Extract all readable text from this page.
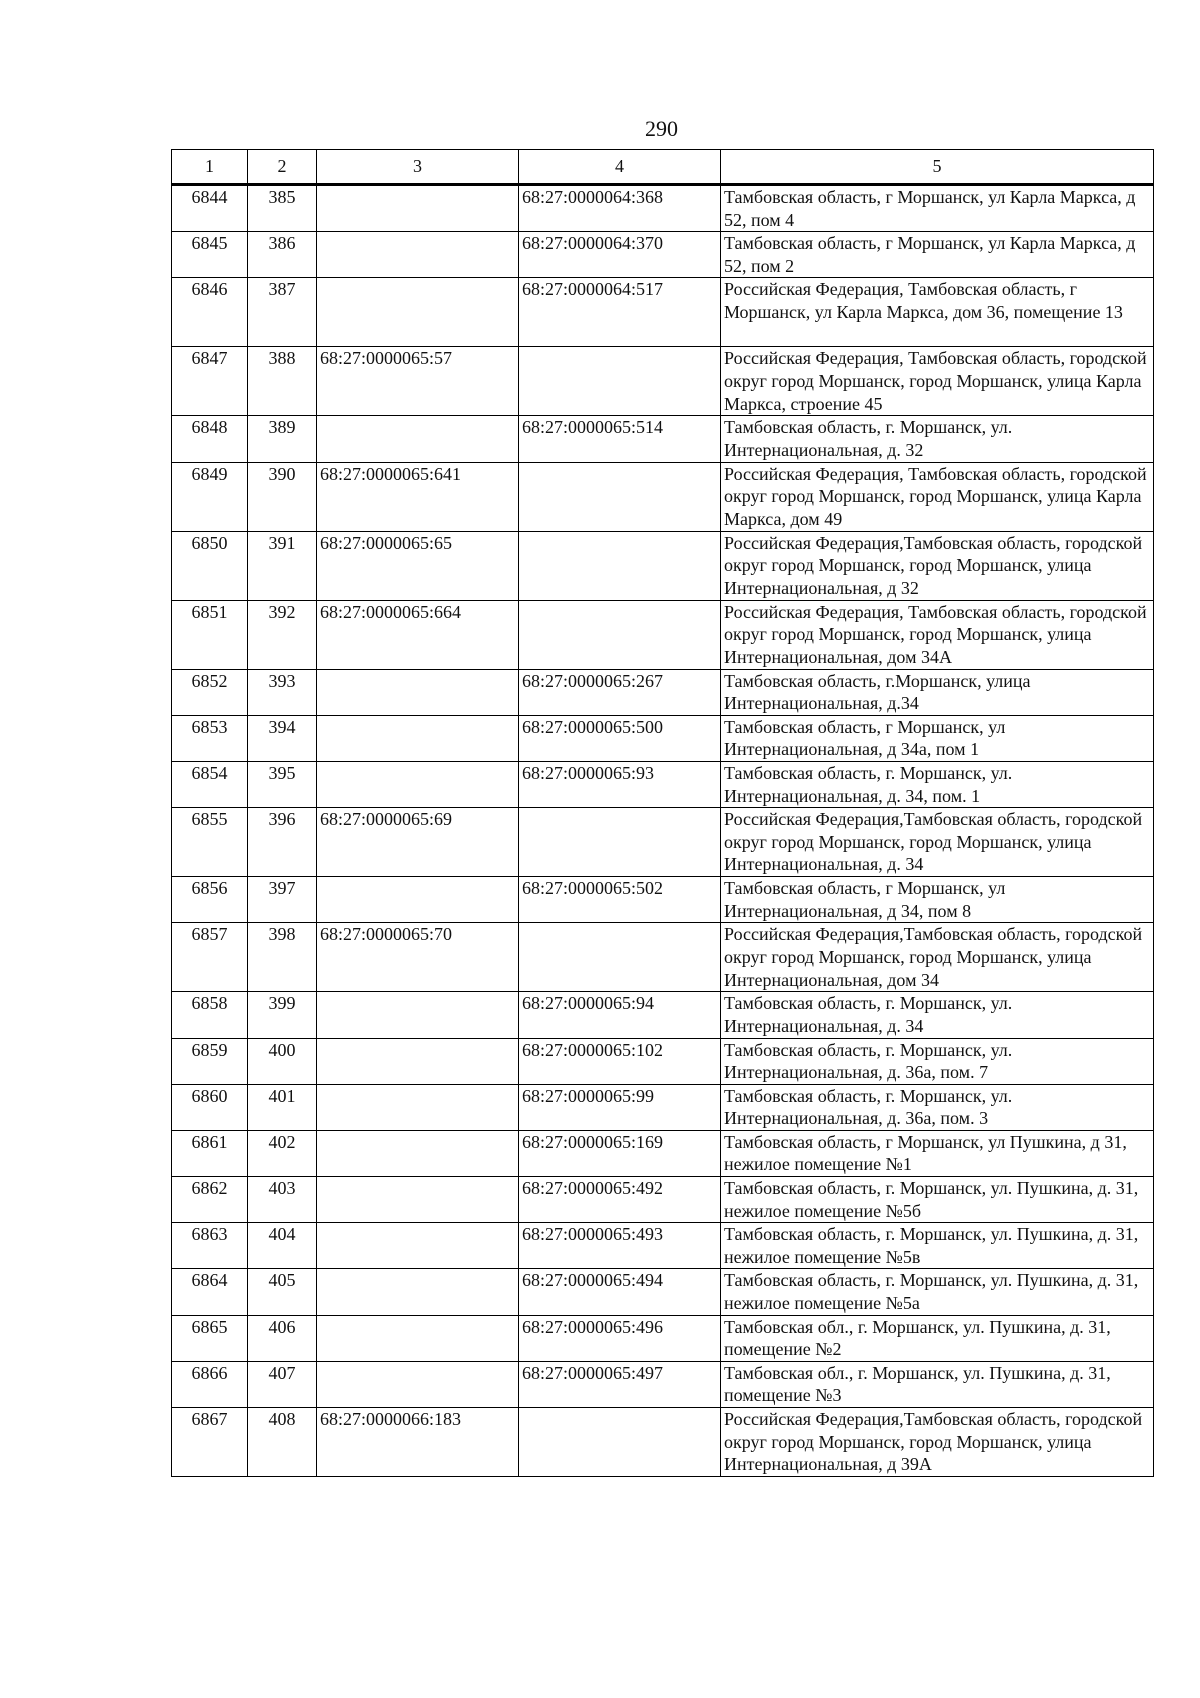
290
1	2	3	4	5
6844	385		68:27:0000064:368	Тамбовская область, г Моршанск, ул Карла Маркса, д 52, пом 4
6845	386		68:27:0000064:370	Тамбовская область, г Моршанск, ул Карла Маркса, д 52, пом 2
6846	387		68:27:0000064:517	Российская Федерация, Тамбовская область, г Моршанск, ул Карла Маркса, дом 36, помещение 13
6847	388	68:27:0000065:57		Российская Федерация, Тамбовская область, городской округ город Моршанск, город Моршанск, улица Карла Маркса, строение 45
6848	389		68:27:0000065:514	Тамбовская область, г. Моршанск, ул. Интернациональная, д. 32
6849	390	68:27:0000065:641		Российская Федерация, Тамбовская область, городской округ город Моршанск, город Моршанск, улица Карла Маркса, дом 49
6850	391	68:27:0000065:65		Российская Федерация,Тамбовская область, городской округ город Моршанск, город Моршанск, улица Интернациональная, д 32
6851	392	68:27:0000065:664		Российская Федерация, Тамбовская область, городской округ город Моршанск, город Моршанск, улица Интернациональная, дом 34А
6852	393		68:27:0000065:267	Тамбовская область, г.Моршанск, улица Интернациональная, д.34
6853	394		68:27:0000065:500	Тамбовская область, г Моршанск, ул Интернациональная, д 34а, пом 1
6854	395		68:27:0000065:93	Тамбовская область, г. Моршанск, ул. Интернациональная, д. 34, пом. 1
6855	396	68:27:0000065:69		Российская Федерация,Тамбовская область, городской округ город Моршанск, город Моршанск, улица Интернациональная, д. 34
6856	397		68:27:0000065:502	Тамбовская область, г Моршанск, ул Интернациональная, д 34, пом 8
6857	398	68:27:0000065:70		Российская Федерация,Тамбовская область, городской округ город Моршанск, город Моршанск, улица Интернациональная, дом 34
6858	399		68:27:0000065:94	Тамбовская область, г. Моршанск, ул. Интернациональная, д. 34
6859	400		68:27:0000065:102	Тамбовская область, г. Моршанск, ул. Интернациональная, д. 36а, пом. 7
6860	401		68:27:0000065:99	Тамбовская область, г. Моршанск, ул. Интернациональная, д. 36а, пом. 3
6861	402		68:27:0000065:169	Тамбовская область, г Моршанск, ул Пушкина, д 31, нежилое помещение №1
6862	403		68:27:0000065:492	Тамбовская область, г. Моршанск, ул. Пушкина, д. 31, нежилое помещение №5б
6863	404		68:27:0000065:493	Тамбовская область, г. Моршанск, ул. Пушкина, д. 31, нежилое помещение №5в
6864	405		68:27:0000065:494	Тамбовская область, г. Моршанск, ул. Пушкина, д. 31, нежилое помещение №5а
6865	406		68:27:0000065:496	Тамбовская обл., г. Моршанск, ул. Пушкина, д. 31, помещение №2
6866	407		68:27:0000065:497	Тамбовская обл., г. Моршанск, ул. Пушкина, д. 31, помещение №3
6867	408	68:27:0000066:183		Российская Федерация,Тамбовская область, городской округ город Моршанск, город Моршанск, улица Интернациональная, д 39А
